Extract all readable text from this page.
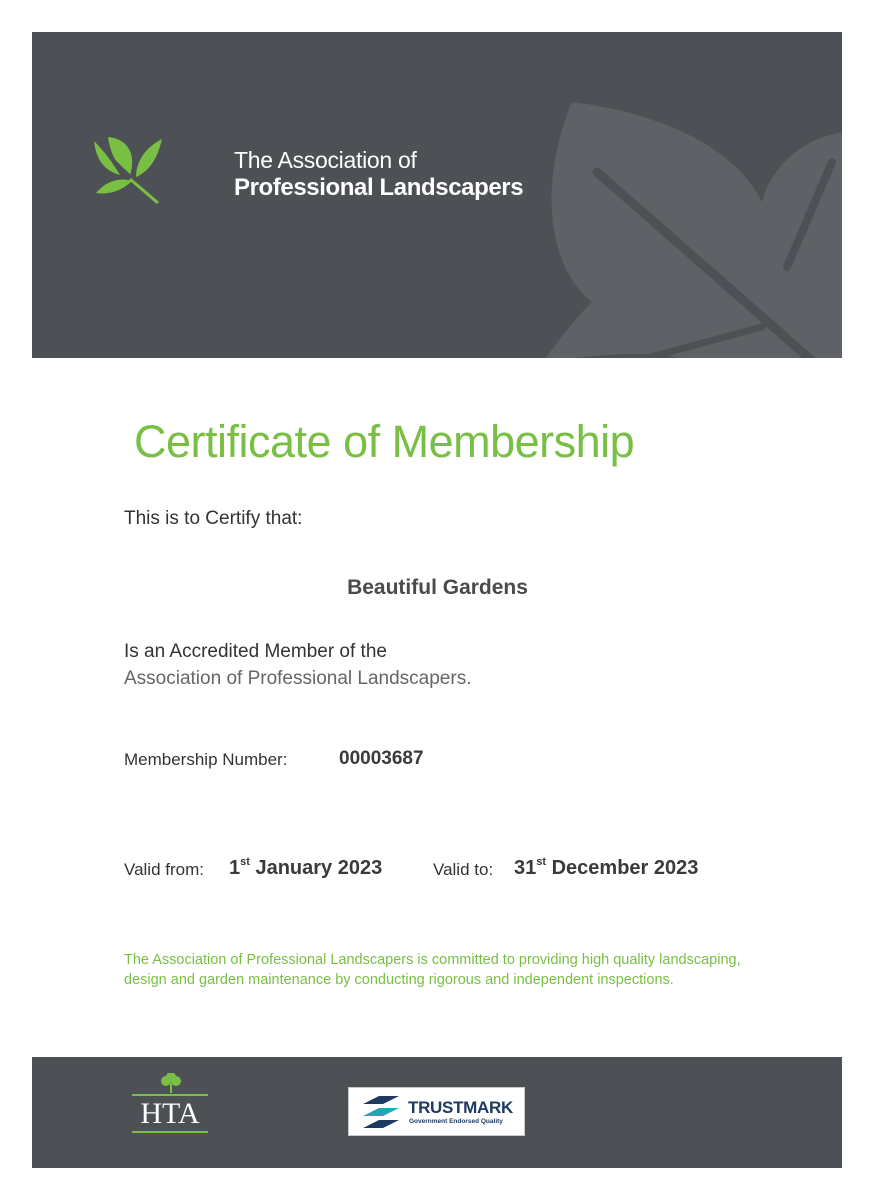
The Association of
Professional Landscapers
Certificate of Membership
This is to Certify that:
Beautiful Gardens
Is an Accredited Member of the
Association of Professional Landscapers.
Membership Number:	00003687
Valid from: 1st January 2023	Valid to: 31st December 2023
The Association of Professional Landscapers is committed to providing high quality landscaping, design and garden maintenance by conducting rigorous and independent inspections.
HTA	TRUSTMARK
Government Endorsed Quality
